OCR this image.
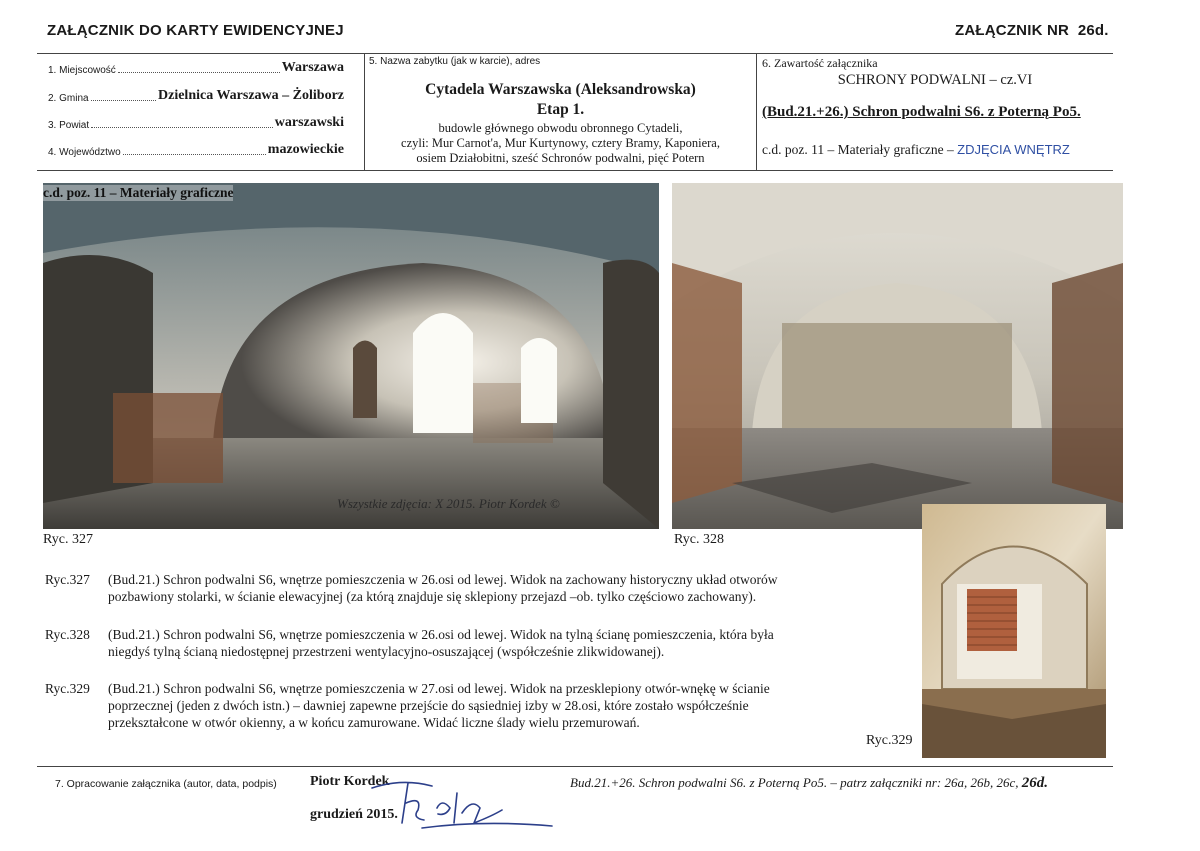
ZAŁĄCZNIK DO KARTY EWIDENCYJNEJ	ZAŁĄCZNIK NR 26d.
1. Miejscowość	Warszawa
2. Gmina	Dzielnica Warszawa – Żoliborz
3. Powiat	warszawski
4. Województwo	mazowieckie
5. Nazwa zabytku (jak w karcie), adres
Cytadela Warszawska (Aleksandrowska)
Etap 1.
budowle głównego obwodu obronnego Cytadeli,
czyli: Mur Carnot'a, Mur Kurtynowy, cztery Bramy, Kaponiera,
osiem Działobitni, sześć Schronów podwalni, pięć Potern
6. Zawartość załącznika
SCHRONY PODWALNI – cz.VI
(Bud.21.+26.) Schron podwalni S6. z Poterną Po5.
c.d. poz. 11 – Materiały graficzne – ZDJĘCIA WNĘTRZ
c.d. poz. 11 – Materiały graficzne
Wszystkie zdjęcia: X 2015. Piotr Kordek ©
Ryc. 327	Ryc. 328
Ryc.329
Ryc.327 (Bud.21.) Schron podwalni S6, wnętrze pomieszczenia w 26.osi od lewej. Widok na zachowany historyczny układ otworów
pozbawiony stolarki, w ścianie elewacyjnej (za którą znajduje się sklepiony przejazd –ob. tylko częściowo zachowany).
Ryc.328 (Bud.21.) Schron podwalni S6, wnętrze pomieszczenia w 26.osi od lewej. Widok na tylną ścianę pomieszczenia, która była
niegdyś tylną ścianą niedostępnej przestrzeni wentylacyjno-osuszającej (współcześnie zlikwidowanej).
Ryc.329 (Bud.21.) Schron podwalni S6, wnętrze pomieszczenia w 27.osi od lewej. Widok na przesklepiony otwór-wnękę w ścianie
poprzecznej (jeden z dwóch istn.) – dawniej zapewne przejście do sąsiedniej izby w 28.osi, które zostało współcześnie
przekształcone w otwór okienny, a w końcu zamurowane. Widać liczne ślady wielu przemurowań.
7. Opracowanie załącznika (autor, data, podpis) Piotr Kordek
grudzień 2015.
Bud.21.+26. Schron podwalni S6. z Poterną Po5. – patrz załączniki nr: 26a, 26b, 26c, 26d.
